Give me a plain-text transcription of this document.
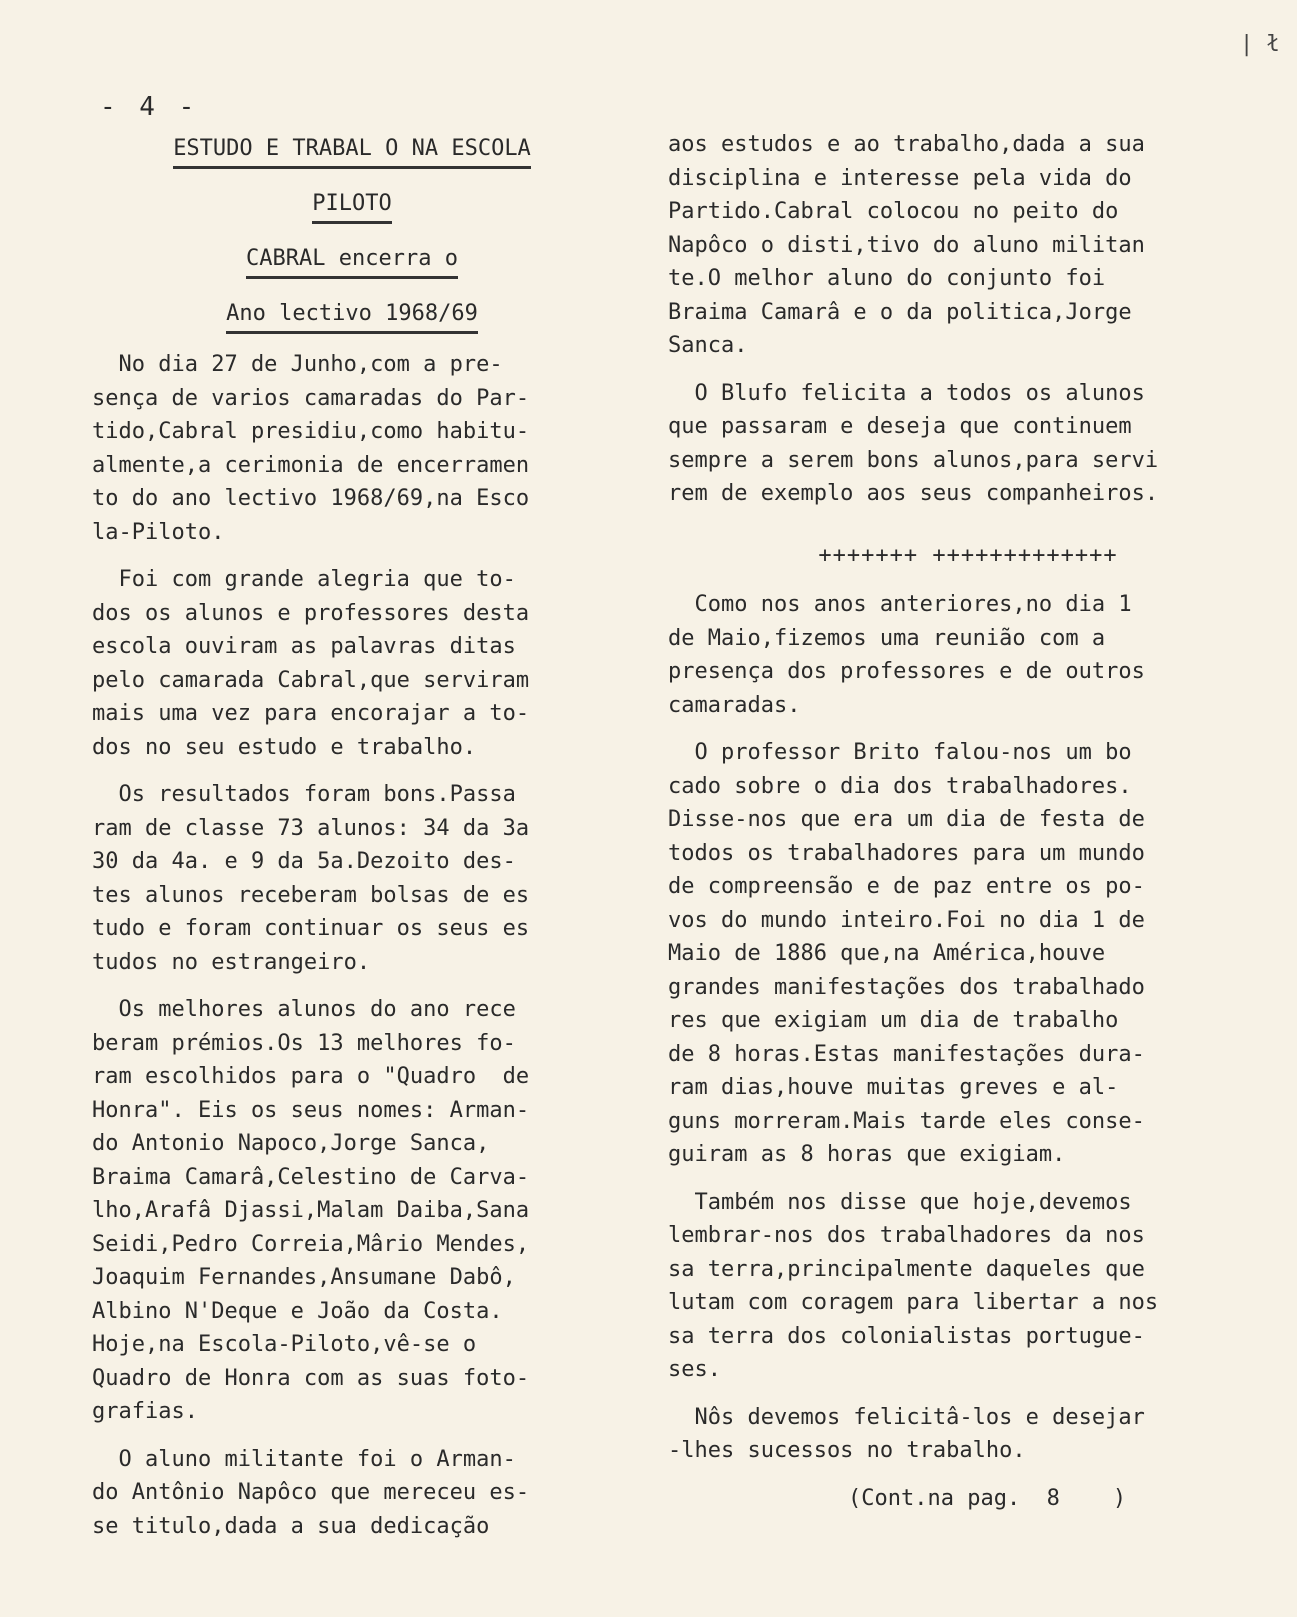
- 4 -
| ł
ESTUDO E TRABAL O NA ESCOLA
PILOTO
CABRAL encerra o
Ano lectivo 1968/69
No dia 27 de Junho,com a pre-
sença de varios camaradas do Par-
tido,Cabral presidiu,como habitu-
almente,a cerimonia de encerramen
to do ano lectivo 1968/69,na Esco
la-Piloto.
Foi com grande alegria que to-
dos os alunos e professores desta
escola ouviram as palavras ditas
pelo camarada Cabral,que serviram
mais uma vez para encorajar a to-
dos no seu estudo e trabalho.
Os resultados foram bons.Passa
ram de classe 73 alunos: 34 da 3a
30 da 4a. e 9 da 5a.Dezoito des-
tes alunos receberam bolsas de es
tudo e foram continuar os seus es
tudos no estrangeiro.
Os melhores alunos do ano rece
beram prémios.Os 13 melhores fo-
ram escolhidos para o "Quadro  de
Honra". Eis os seus nomes: Arman-
do Antonio Napoco,Jorge Sanca,
Braima Camarâ,Celestino de Carva-
lho,Arafâ Djassi,Malam Daiba,Sana
Seidi,Pedro Correia,Mârio Mendes,
Joaquim Fernandes,Ansumane Dabô,
Albino N'Deque e João da Costa.
Hoje,na Escola-Piloto,vê-se o
Quadro de Honra com as suas foto-
grafias.
O aluno militante foi o Arman-
do Antônio Napôco que mereceu es-
se titulo,dada a sua dedicação
aos estudos e ao trabalho,dada a sua
disciplina e interesse pela vida do
Partido.Cabral colocou no peito do
Napôco o disti,tivo do aluno militan
te.O melhor aluno do conjunto foi
Braima Camarâ e o da politica,Jorge
Sanca.
O Blufo felicita a todos os alunos
que passaram e deseja que continuem
sempre a serem bons alunos,para servi
rem de exemplo aos seus companheiros.
+++++++ +++++++++++++
Como nos anos anteriores,no dia 1
de Maio,fizemos uma reunião com a
presença dos professores e de outros
camaradas.
O professor Brito falou-nos um bo
cado sobre o dia dos trabalhadores.
Disse-nos que era um dia de festa de
todos os trabalhadores para um mundo
de compreensão e de paz entre os po-
vos do mundo inteiro.Foi no dia 1 de
Maio de 1886 que,na América,houve
grandes manifestações dos trabalhado
res que exigiam um dia de trabalho
de 8 horas.Estas manifestações dura-
ram dias,houve muitas greves e al-
guns morreram.Mais tarde eles conse-
guiram as 8 horas que exigiam.
Também nos disse que hoje,devemos
lembrar-nos dos trabalhadores da nos
sa terra,principalmente daqueles que
lutam com coragem para libertar a nos
sa terra dos colonialistas portugue-
ses.
Nôs devemos felicitâ-los e desejar
-lhes sucessos no trabalho.
(Cont.na pag.  8    )
